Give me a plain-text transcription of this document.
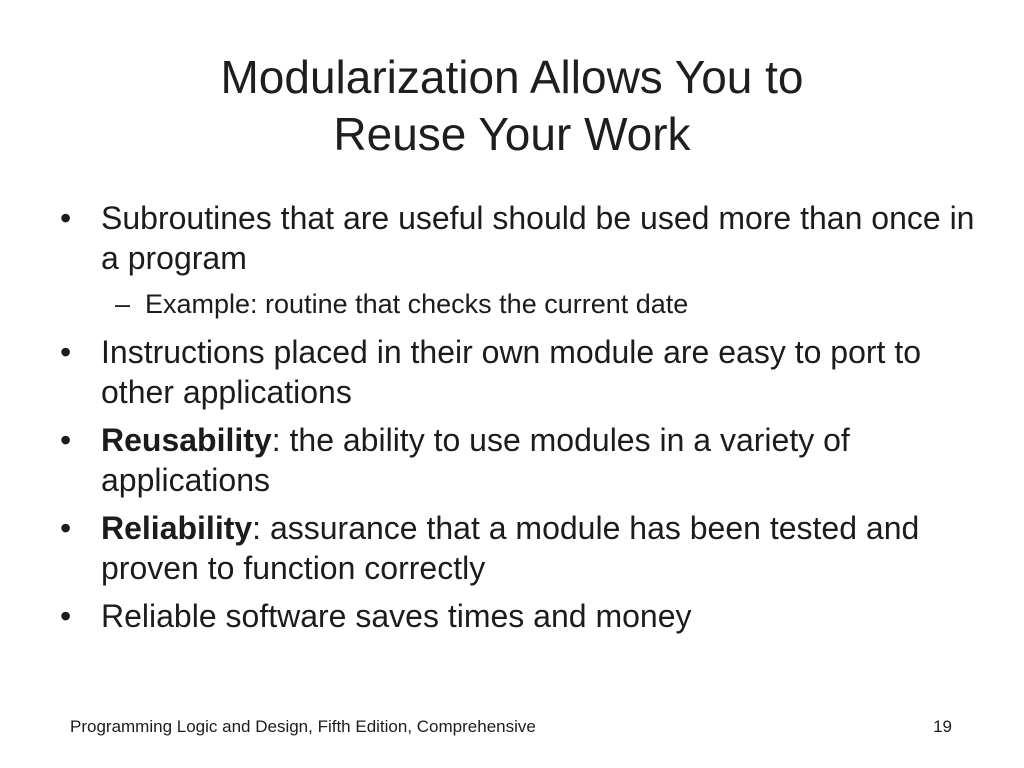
Modularization Allows You to
Reuse Your Work
• Subroutines that are useful should be used more than once in a program
– Example: routine that checks the current date
• Instructions placed in their own module are easy to port to other applications
• Reusability: the ability to use modules in a variety of applications
• Reliability: assurance that a module has been tested and proven to function correctly
• Reliable software saves times and money
Programming Logic and Design, Fifth Edition, Comprehensive	19
